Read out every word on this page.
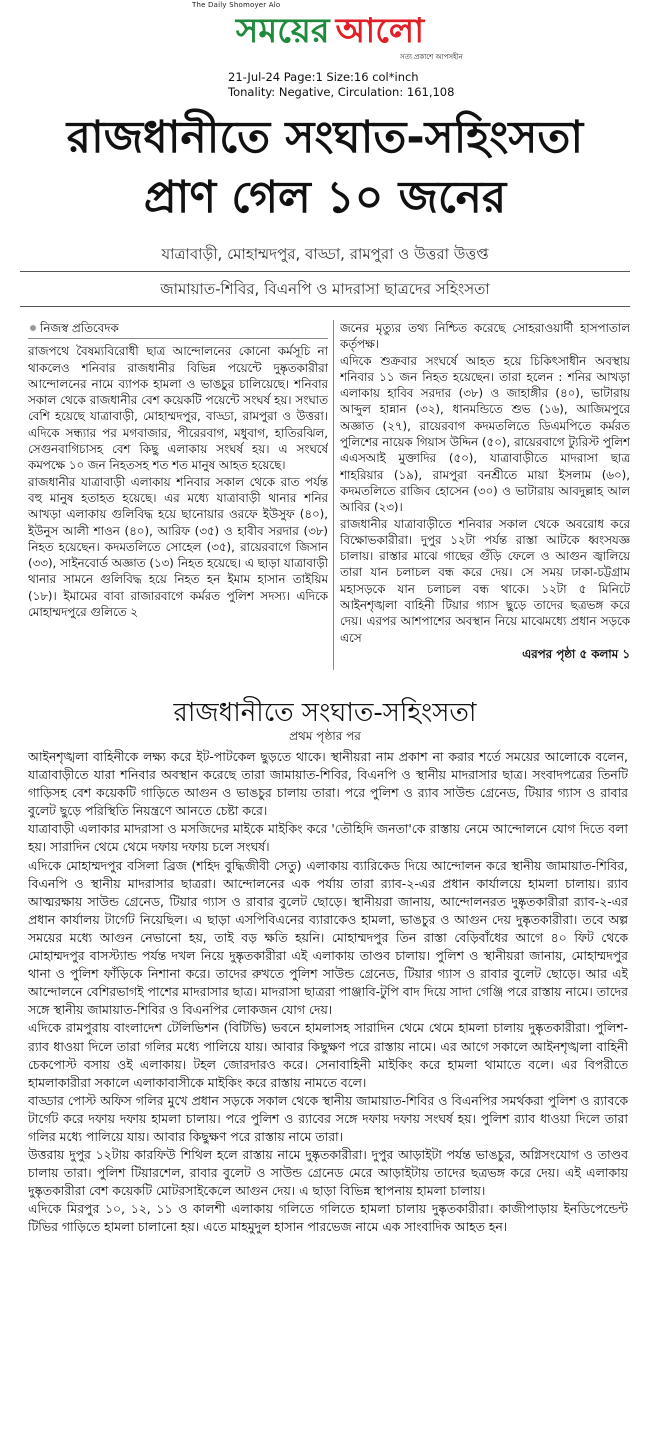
The Daily Shomoyer Alo
সময়ের আলো
সত্য প্রকাশে আপসহীন
21-Jul-24 Page:1 Size:16 col*inch
Tonality: Negative, Circulation: 161,108
রাজধানীতে সংঘাত-সহিংসতা
প্রাণ গেল ১০ জনের
যাত্রাবাড়ী, মোহাম্মদপুর, বাড্ডা, রামপুরা ও উত্তরা উত্তপ্ত
জামায়াত-শিবির, বিএনপি ও মাদরাসা ছাত্রদের সহিংসতা
নিজস্ব প্রতিবেদক

রাজপথে বৈষম্যবিরোধী ছাত্র আন্দোলনের কোনো কর্মসূচি না থাকলেও শনিবার রাজধানীর বিভিন্ন পয়েন্টে দুষ্কৃতকারীরা আন্দোলনের নামে ব্যাপক হামলা ও ভাঙচুর চালিয়েছে। শনিবার সকাল থেকে রাজধানীর বেশ কয়েকটি পয়েন্টে সংঘর্ষ হয়। সংঘাত বেশি হয়েছে যাত্রাবাড়ী, মোহাম্মদপুর, বাড্ডা, রামপুরা ও উত্তরা। এদিকে সন্ধ্যার পর মগবাজার, পীরেরবাগ, মধুবাগ, হাতিরঝিল, সেগুনবাগিচাসহ বেশ কিছু এলাকায় সংঘর্ষ হয়। এ সংঘর্ষে কমপক্ষে ১০ জন নিহতসহ শত শত মানুষ আহত হয়েছে।

রাজধানীর যাত্রাবাড়ী এলাকায় শনিবার সকাল থেকে রাত পর্যন্ত বহু মানুষ হতাহত হয়েছে। এর মধ্যে যাত্রাবাড়ী থানার শনির আখড়া এলাকায় গুলিবিদ্ধ হয়ে ছানোয়ার ওরফে ইউসুফ (৪০), ইউনুস আলী শাওন (৪০), আরিফ (৩৫) ও হাবীব সরদার (৩৮) নিহত হয়েছেন। কদমতলিতে সোহেল (৩৫), রায়েরবাগে জিসান (৩৩), সাইনবোর্ড অজ্ঞাত (১৩) নিহত হয়েছে। এ ছাড়া যাত্রাবাড়ী থানার সামনে গুলিবিদ্ধ হয়ে নিহত হন ইমাম হাসান তাইয়িম (১৮)। ইমামের বাবা রাজারবাগে কর্মরত পুলিশ সদস্য। এদিকে মোহাম্মদপুরে গুলিতে ২

জনের মৃত্যুর তথ্য নিশ্চিত করেছে সোহরাওয়ার্দী হাসপাতাল কর্তৃপক্ষ।

এদিকে শুক্রবার সংঘর্ষে আহত হয়ে চিকিৎসাধীন অবস্থায় শনিবার ১১ জন নিহত হয়েছেন। তারা হলেন : শনির আখড়া এলাকায় হাবিব সরদার (৩৮) ও জাহাঙ্গীর (৪০), ভাটারায় আব্দুল হান্নান (৩২), ধানমন্ডিতে শুভ (১৬), আজিমপুরে অজ্ঞাত (২৭), রায়েরবাগ কদমতলিতে ডিএমপিতে কর্মরত পুলিশের নায়েক গিয়াস উদ্দিন (৫০), রায়েরবাগে ট্যুরিস্ট পুলিশ এএসআই মুক্তাদির (৫০), যাত্রাবাড়ীতে মাদরাসা ছাত্র শাহরিয়ার (১৯), রামপুরা বনশ্রীতে মায়া ইসলাম (৬০), কদমতলিতে রাজিব হোসেন (৩০) ও ভাটারায় আবদুল্লাহ আল আবির (২৩)।

রাজধানীর যাত্রাবাড়ীতে শনিবার সকাল থেকে অবরোধ করে বিক্ষোভকারীরা। দুপুর ১২টা পর্যন্ত রাস্তা আটকে ধ্বংসযজ্ঞ চালায়। রাস্তার মাঝে গাছের গুঁড়ি ফেলে ও আগুন জ্বালিয়ে তারা যান চলাচল বন্ধ করে দেয়। সে সময় ঢাকা-চট্টগ্রাম মহাসড়কে যান চলাচল বন্ধ থাকে। ১২টা ৫ মিনিটে আইনশৃঙ্খলা বাহিনী টিয়ার গ্যাস ছুড়ে তাদের ছত্রভঙ্গ করে দেয়। এরপর আশপাশের অবস্থান নিয়ে মাঝেমধ্যে প্রধান সড়কে এসে

এরপর পৃষ্ঠা ৫ কলাম ১

রাজধানীতে সংঘাত-সহিংসতা
প্রথম পৃষ্ঠার পর

আইনশৃঙ্খলা বাহিনীকে লক্ষ্য করে ইট-পাটকেল ছুড়তে থাকে। স্থানীয়রা নাম প্রকাশ না করার শর্তে সময়ের আলোকে বলেন, যাত্রাবাড়ীতে যারা শনিবার অবস্থান করেছে তারা জামায়াত-শিবির, বিএনপি ও স্থানীয় মাদরাসার ছাত্র। সংবাদপত্রের তিনটি গাড়িসহ বেশ কয়েকটি গাড়িতে আগুন ও ভাঙচুর চালায় তারা। পরে পুলিশ ও র‍্যাব সাউন্ড গ্রেনেড, টিয়ার গ্যাস ও রাবার বুলেট ছুড়ে পরিস্থিতি নিয়ন্ত্রণে আনতে চেষ্টা করে।

যাত্রাবাড়ী এলাকার মাদরাসা ও মসজিদের মাইকে মাইকিং করে 'তৌহিদি জনতা'কে রাস্তায় নেমে আন্দোলনে যোগ দিতে বলা হয়। সারাদিন থেমে থেমে দফায় দফায় চলে সংঘর্ষ।

এদিকে মোহাম্মদপুর বসিলা ব্রিজ (শহিদ বুদ্ধিজীবী সেতু) এলাকায় ব্যারিকেড দিয়ে আন্দোলন করে স্থানীয় জামায়াত-শিবির, বিএনপি ও স্থানীয় মাদরাসার ছাত্ররা। আন্দোলনের এক পর্যায় তারা র‍্যাব-২-এর প্রধান কার্যালয়ে হামলা চালায়। র‍্যাব আত্মরক্ষায় সাউন্ড গ্রেনেড, টিয়ার গ্যাস ও রাবার বুলেট ছোড়ে। স্থানীয়রা জানায়, আন্দোলনরত দুষ্কৃতকারীরা র‍্যাব-২-এর প্রধান কার্যালয় টার্গেট নিয়েছিল। এ ছাড়া এসপিবিএনের ব্যারাকেও হামলা, ভাঙচুর ও আগুন দেয় দুষ্কৃতকারীরা। তবে অল্প সময়ের মধ্যে আগুন নেভানো হয়, তাই বড় ক্ষতি হয়নি। মোহাম্মদপুর তিন রাস্তা বেড়িবাঁধের আগে ৪০ ফিট থেকে মোহাম্মদপুর বাসস্ট্যান্ড পর্যন্ত দখল নিয়ে দুষ্কৃতকারীরা এই এলাকায় তাণ্ডব চালায়। পুলিশ ও স্থানীয়রা জানায়, মোহাম্মদপুর থানা ও পুলিশ ফাঁড়িকে নিশানা করে। তাদের রুখতে পুলিশ সাউন্ড গ্রেনেড, টিয়ার গ্যাস ও রাবার বুলেট ছোড়ে। আর এই আন্দোলনে বেশিরভাগই পাশের মাদরাসার ছাত্র। মাদরাসা ছাত্ররা পাঞ্জাবি-টুপি বাদ দিয়ে সাদা গেঞ্জি পরে রাস্তায় নামে। তাদের সঙ্গে স্থানীয় জামায়াত-শিবির ও বিএনপির লোকজন যোগ দেয়।

এদিকে রামপুরায় বাংলাদেশ টেলিভিশন (বিটিভি) ভবনে হামলাসহ সারাদিন থেমে থেমে হামলা চালায় দুষ্কৃতকারীরা। পুলিশ-র‍্যাব ধাওয়া দিলে তারা গলির মধ্যে পালিয়ে যায়। আবার কিছুক্ষণ পরে রাস্তায় নামে। এর আগে সকালে আইনশৃঙ্খলা বাহিনী চেকপোস্ট বসায় ওই এলাকায়। টহল জোরদারও করে। সেনাবাহিনী মাইকিং করে হামলা থামাতে বলে। এর বিপরীতে হামলাকারীরা সকালে এলাকাবাসীকে মাইকিং করে রাস্তায় নামতে বলে।

বাড্ডার পোস্ট অফিস গলির মুখে প্রধান সড়কে সকাল থেকে স্থানীয় জামায়াত-শিবির ও বিএনপির সমর্থকরা পুলিশ ও র‍্যাবকে টার্গেট করে দফায় দফায় হামলা চালায়। পরে পুলিশ ও র‍্যাবের সঙ্গে দফায় দফায় সংঘর্ষ হয়। পুলিশ র‍্যাব ধাওয়া দিলে তারা গলির মধ্যে পালিয়ে যায়। আবার কিছুক্ষণ পরে রাস্তায় নামে তারা।

উত্তরায় দুপুর ১২টায় কারফিউ শিথিল হলে রাস্তায় নামে দুষ্কৃতকারীরা। দুপুর আড়াইটা পর্যন্ত ভাঙচুর, অগ্নিসংযোগ ও তাণ্ডব চালায় তারা। পুলিশ টিয়ারশেল, রাবার বুলেট ও সাউন্ড গ্রেনেড মেরে আড়াইটায় তাদের ছত্রভঙ্গ করে দেয়। এই এলাকায় দুষ্কৃতকারীরা বেশ কয়েকটি মোটরসাইকেলে আগুন দেয়। এ ছাড়া বিভিন্ন স্থাপনায় হামলা চালায়।

এদিকে মিরপুর ১০, ১২, ১১ ও কালশী এলাকায় গলিতে গলিতে হামলা চালায় দুষ্কৃতকারীরা। কাজীপাড়ায় ইনডিপেন্ডেন্ট টিভির গাড়িতে হামলা চালানো হয়। এতে মাহমুদুল হাসান পারভেজ নামে এক সাংবাদিক আহত হন।
